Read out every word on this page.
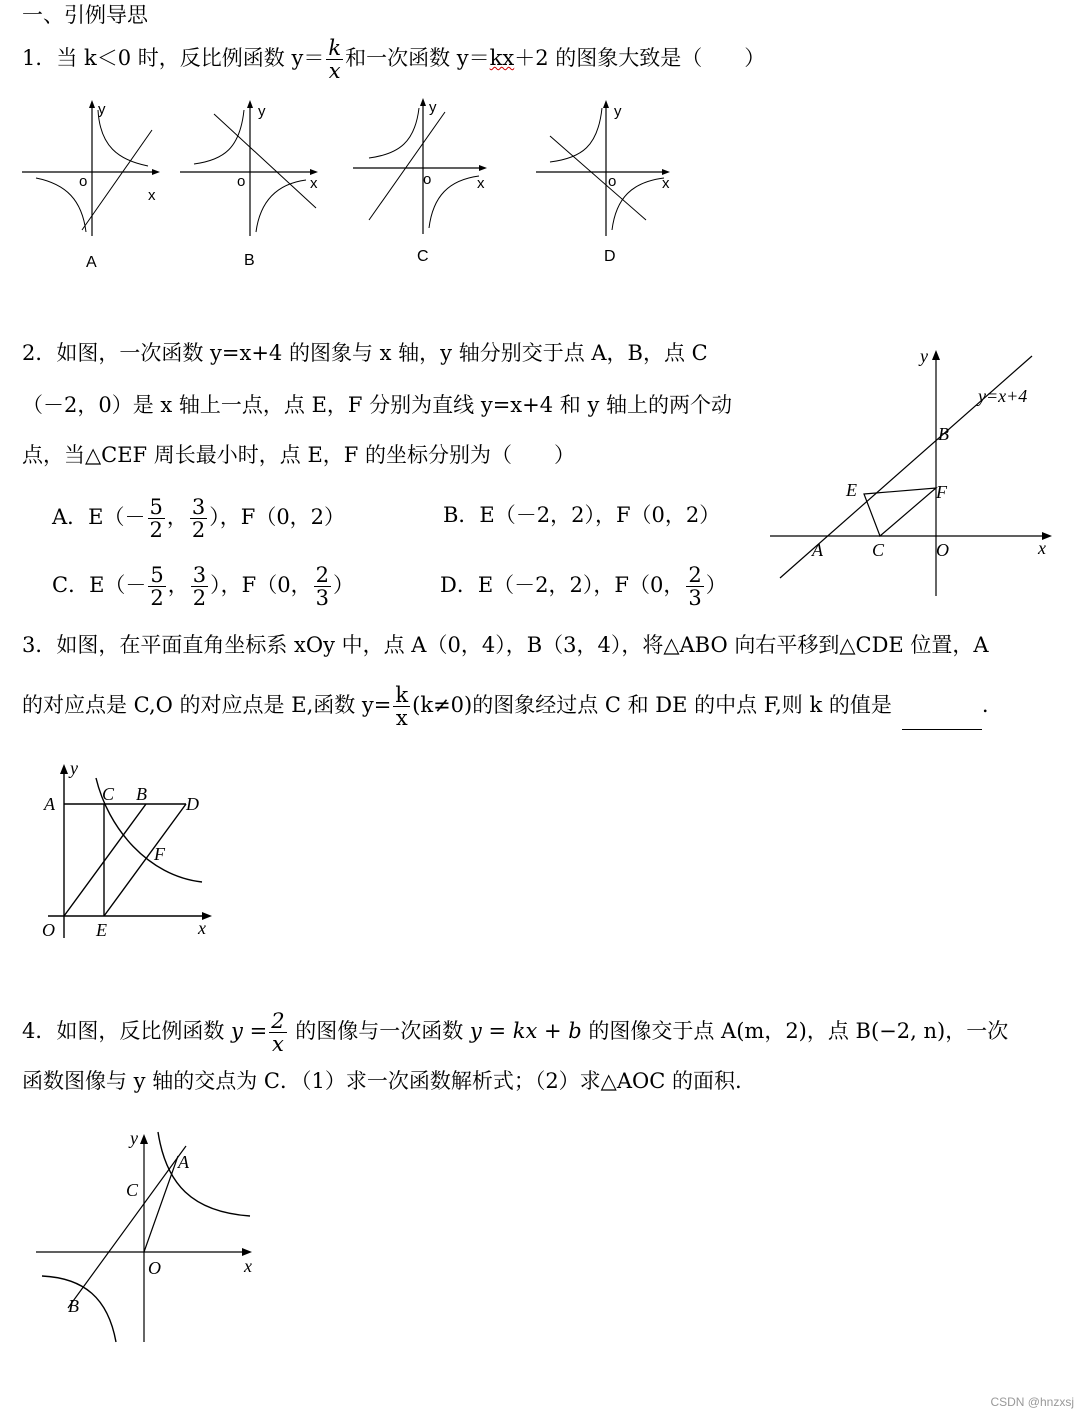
一、引例导思
1．当 k＜0 时，反比例函数 $y= \frac{k}{x}$ 和一次函数 y＝kx＋2 的图象大致是（　　）
y
o
x
A
y
o	x
B
y
o	x
C
y
o	x
D
2．如图，一次函数 y=x+4 的图象与 x 轴，y 轴分别交于点 A，B，点 C
（－2，0）是 x 轴上一点，点 E，F 分别为直线 y=x+4 和 y 轴上的两个动
点，当△CEF 周长最小时，点 E，F 的坐标分别为（　　）
A．$E(- \frac{5}{2}$ ， $\frac{3}{2}$ ），F（0，2）	B．E（－2，2），F（0，2）
C．$E(- \frac{5}{2}$ ， $\frac{3}{2}$ ），F（0， $\frac{2}{3}$ ）	D．E（－2，2），F（0， $\frac{2}{3}$ ）
y
y=x+4
B
E	F
A	C	O	x
3．如图，在平面直角坐标系 xOy 中，点 A（0，4），B（3，4），将△ABO 向右平移到△CDE 位置，A
的对应点是 C,O 的对应点是 E,函数 $y= \frac{k}{x} (k\ne 0)$的图象经过点 C 和 DE 的中点 F,则 k 的值是	.
y
A	C B D
F
O E	x
4．如图，反比例函数 $y = \frac{2}{x}$ 的图像与一次函数 y = kx + b 的图像交于点 A(m，2)，点 B(−2, n)，一次
函数图像与 y 轴的交点为 C．（1）求一次函数解析式；（2）求△AOC 的面积.
y
A
C
O	x
B
CSDN @hnzxsj
